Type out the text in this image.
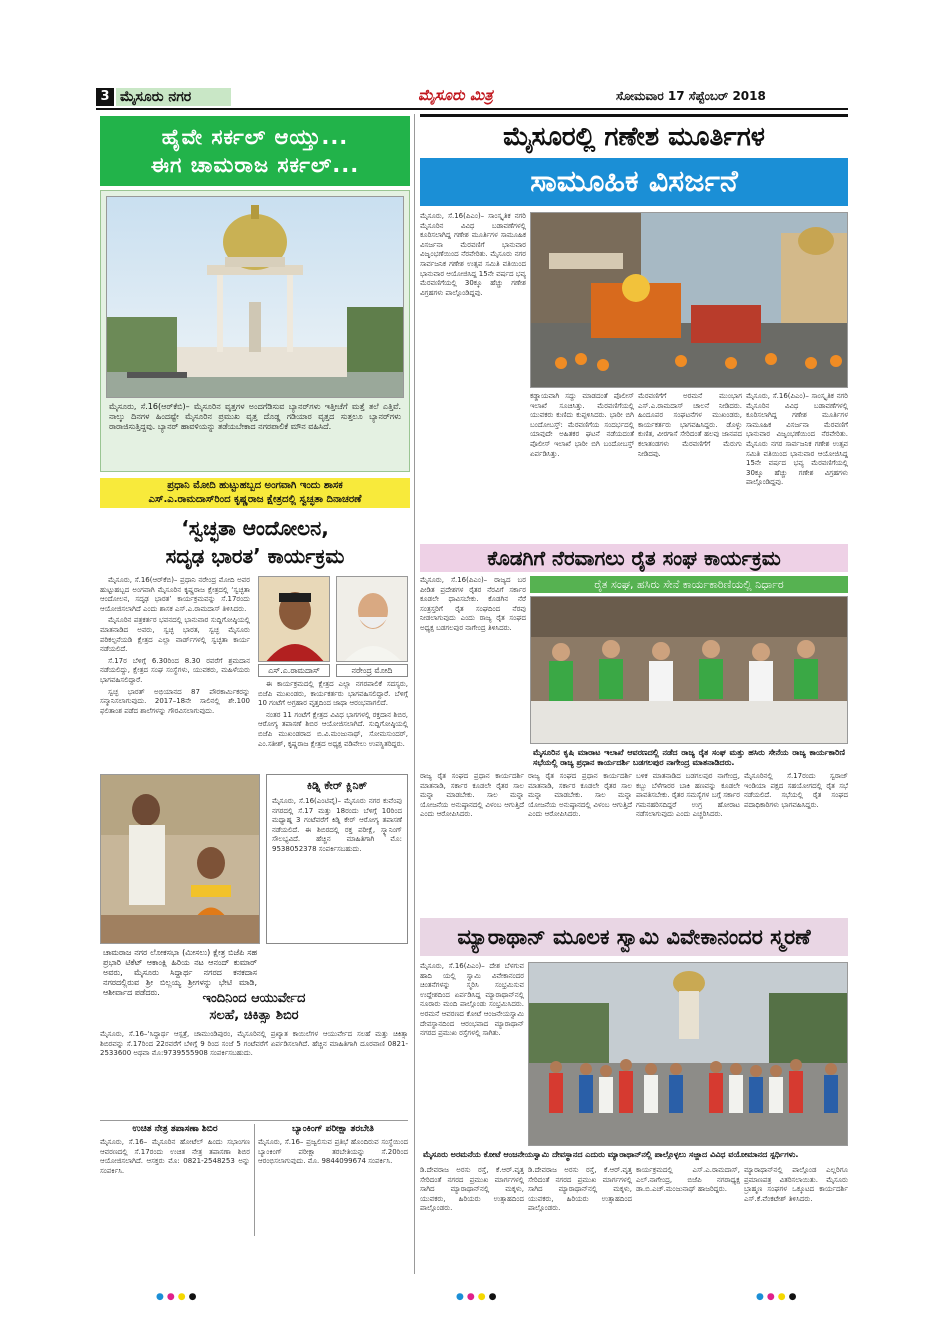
3 ಮೈಸೂರು ನಗರ	ಮೈಸೂರು ಮಿತ್ರ	ಸೋಮವಾರ 17 ಸೆಪ್ಟೆಂಬರ್ 2018
ಹೈವೇ ಸರ್ಕಲ್ ಆಯ್ತು...
ಈಗ ಚಾಮರಾಜ ಸರ್ಕಲ್...
ಮೈಸೂರು, ಸೆ.16(ಆರ್‌ಕೆಬಿ)– ಮೈಸೂರಿನ ವೃತ್ತಗಳ ಅಂದಗೆಡಿಸುವ ಬ್ಯಾನರ್‌ಗಳು ಇತ್ತೀಚೆಗೆ ಮತ್ತೆ ತಲೆ ಎತ್ತಿವೆ. ನಾಲ್ಕು ದಿನಗಳ ಹಿಂದಷ್ಟೇ ಮೈಸೂರಿನ ಪ್ರಮುಖ ವೃತ್ತ ದೊಡ್ಡ ಗಡಿಯಾರ ವೃತ್ತದ ಸುತ್ತಲೂ ಬ್ಯಾನರ್‌ಗಳು ರಾರಾಜಿಸುತ್ತಿದ್ದವು. ಬ್ಯಾನರ್ ಹಾವಳಿಯನ್ನು ತಡೆಯಬೇಕಾದ ನಗರಪಾಲಿಕೆ ಮೌನ ವಹಿಸಿದೆ.
ಪ್ರಧಾನಿ ಮೋದಿ ಹುಟ್ಟುಹಬ್ಬದ ಅಂಗವಾಗಿ ಇಂದು ಶಾಸಕ
ಎಸ್.ಎ.ರಾಮದಾಸ್‌ರಿಂದ ಕೃಷ್ಣರಾಜ ಕ್ಷೇತ್ರದಲ್ಲಿ ಸ್ವಚ್ಛತಾ ದಿನಾಚರಣೆ
‘ಸ್ವಚ್ಛತಾ ಆಂದೋಲನ,
ಸದೃಢ ಭಾರತ’ ಕಾರ್ಯಕ್ರಮ

ಮೈಸೂರು, ಸೆ.16(ಆರ್‌ಕೆಬಿ)– ಪ್ರಧಾನಿ ನರೇಂದ್ರ ಮೋದಿ ಅವರ ಹುಟ್ಟುಹಬ್ಬದ ಅಂಗವಾಗಿ ಮೈಸೂರಿನ ಕೃಷ್ಣರಾಜ ಕ್ಷೇತ್ರದಲ್ಲಿ ‘ಸ್ವಚ್ಛತಾ ಆಂದೋಲನ, ಸದೃಢ ಭಾರತ’ ಕಾರ್ಯಕ್ರಮವನ್ನು ಸೆ.17ರಂದು ಆಯೋಜಿಸಲಾಗಿದೆ ಎಂದು ಶಾಸಕ ಎಸ್.ಎ.ರಾಮದಾಸ್ ತಿಳಿಸಿದರು.

ಮೈಸೂರಿನ ಪತ್ರಕರ್ತರ ಭವನದಲ್ಲಿ ಭಾನುವಾರ ಸುದ್ದಿಗೋಷ್ಠಿಯಲ್ಲಿ ಮಾತನಾಡಿದ ಅವರು, ಸ್ವಚ್ಛ ಭಾರತ, ಸ್ವಚ್ಛ ಮೈಸೂರು ಪರಿಕಲ್ಪನೆಯಡಿ ಕ್ಷೇತ್ರದ ಎಲ್ಲಾ ವಾರ್ಡ್‌ಗಳಲ್ಲಿ ಸ್ವಚ್ಛತಾ ಕಾರ್ಯ ನಡೆಯಲಿದೆ.

ಸೆ.17ರ ಬೆಳಿಗ್ಗೆ 6.30ರಿಂದ 8.30 ರವರೆಗೆ ಶ್ರಮದಾನ ನಡೆಯಲಿದ್ದು, ಕ್ಷೇತ್ರದ ಸಂಘ ಸಂಸ್ಥೆಗಳು, ಯುವಕರು, ಮಹಿಳೆಯರು ಭಾಗವಹಿಸಲಿದ್ದಾರೆ.

ಸ್ವಚ್ಛ ಭಾರತ್ ಅಭಿಯಾನದ 87 ಪೌರಕಾರ್ಮಿಕರನ್ನು ಸನ್ಮಾನಿಸಲಾಗುವುದು. 2017–18ನೇ ಸಾಲಿನಲ್ಲಿ ಶೇ.100 ಫಲಿತಾಂಶ ಪಡೆದ ಶಾಲೆಗಳನ್ನು ಗೌರವಿಸಲಾಗುವುದು.

ಎಸ್.ಎ.ರಾಮದಾಸ್	ನರೇಂದ್ರ ಮೋದಿ

ಈ ಕಾರ್ಯಕ್ರಮದಲ್ಲಿ ಕ್ಷೇತ್ರದ ಎಲ್ಲಾ ನಗರಪಾಲಿಕೆ ಸದಸ್ಯರು, ಬಿಜೆಪಿ ಮುಖಂಡರು, ಕಾರ್ಯಕರ್ತರು ಭಾಗವಹಿಸಲಿದ್ದಾರೆ. ಬೆಳಿಗ್ಗೆ 10 ಗಂಟೆಗೆ ಅಗ್ರಹಾರ ವೃತ್ತದಿಂದ ಜಾಥಾ ಆರಂಭವಾಗಲಿದೆ.

ನಂತರ 11 ಗಂಟೆಗೆ ಕ್ಷೇತ್ರದ ವಿವಿಧ ಭಾಗಗಳಲ್ಲಿ ರಕ್ತದಾನ ಶಿಬಿರ, ಆರೋಗ್ಯ ತಪಾಸಣೆ ಶಿಬಿರ ಆಯೋಜಿಸಲಾಗಿದೆ. ಸುದ್ದಿಗೋಷ್ಠಿಯಲ್ಲಿ ಬಿಜೆಪಿ ಮುಖಂಡರಾದ ಬಿ.ವಿ.ಮಂಜುನಾಥ್, ಸೋಮಸುಂದರ್, ಎಂ.ಸತೀಶ್, ಕೃಷ್ಣರಾಜ ಕ್ಷೇತ್ರದ ಅಧ್ಯಕ್ಷ ವಡಿವೇಲು ಉಪಸ್ಥಿತರಿದ್ದರು.

ಚಾಮರಾಜ ನಗರ ಲೋಕಸಭಾ (ಮೀಸಲು) ಕ್ಷೇತ್ರ ಬಿಜೆಪಿ ಸಹ ಪ್ರಭಾರಿ ಟಿಕೆಟ್ ಆಕಾಂಕ್ಷಿ ಹಿರಿಯ ನಟ ಆನಂದ್ ಕುಮಾರ್ ಅವರು, ಮೈಸೂರು ಸಿದ್ದಾರ್ಥ ನಗರದ ಕನಕದಾಸ ನಗರದಲ್ಲಿರುವ ಶ್ರೀ ಬಿಲ್ಲಯ್ಯ ಶ್ರೀಗಳನ್ನು ಭೇಟಿ ಮಾಡಿ, ಆಶೀರ್ವಾದ ಪಡೆದರು.
ಕಿಡ್ನಿ ಕೇರ್ ಕ್ಲಿನಿಕ್
ಮೈಸೂರು, ಸೆ.16(ಎಂಟಿವೈ)– ಮೈಸೂರು ನಗರ ಕುವೆಂಪು ನಗರದಲ್ಲಿ ಸೆ.17 ಮತ್ತು 18ರಂದು ಬೆಳಿಗ್ಗೆ 10ರಿಂದ ಮಧ್ಯಾಹ್ನ 3 ಗಂಟೆವರೆಗೆ ಕಿಡ್ನಿ ಕೇರ್ ಆರೋಗ್ಯ ತಪಾಸಣೆ ನಡೆಯಲಿದೆ. ಈ ಶಿಬಿರದಲ್ಲಿ ರಕ್ತ ಪರೀಕ್ಷೆ, ಸ್ಕ್ಯಾನಿಂಗ್ ಸೌಲಭ್ಯವಿದೆ. ಹೆಚ್ಚಿನ ಮಾಹಿತಿಗಾಗಿ ಮೊ: 9538052378 ಸಂಪರ್ಕಿಸಬಹುದು.
ಇಂದಿನಿಂದ ಆಯುರ್ವೇದ
ಸಲಹೆ, ಚಿಕಿತ್ಸಾ ಶಿಬಿರ
ಮೈಸೂರು, ಸೆ.16–‘ಸಿದ್ಧಾರ್ಥ ಆಸ್ಪತ್ರೆ, ಚಾಮುಂಡಿಪುರಂ, ಮೈಸೂರಿನಲ್ಲಿ ಪ್ರಖ್ಯಾತ ಕಾಯಿಲೆಗಳ ಆಯುರ್ವೇದ ಸಲಹೆ ಮತ್ತು ಚಿಕಿತ್ಸಾ ಶಿಬಿರವನ್ನು ಸೆ.17ರಿಂದ 22ರವರೆಗೆ ಬೆಳಿಗ್ಗೆ 9 ರಿಂದ ಸಂಜೆ 5 ಗಂಟೆವರೆಗೆ ಏರ್ಪಡಿಸಲಾಗಿದೆ. ಹೆಚ್ಚಿನ ಮಾಹಿತಿಗಾಗಿ ದೂರವಾಣಿ 0821-2533600 ಅಥವಾ ಮೊ:9739555908 ಸಂಪರ್ಕಿಸಬಹುದು.
ಉಚಿತ ನೇತ್ರ ತಪಾಸಣಾ ಶಿಬಿರ
ಮೈಸೂರು, ಸೆ.16– ಮೈಸೂರಿನ ಹೋಟೆಲ್ ಹಿಂದು ಸಭಾಂಗಣ ಆವರಣದಲ್ಲಿ ಸೆ.17ರಂದು ಉಚಿತ ನೇತ್ರ ತಪಾಸಣಾ ಶಿಬಿರ ಆಯೋಜಿಸಲಾಗಿದೆ. ಆಸಕ್ತರು ಮೊ: 0821-2548253 ಅನ್ನು ಸಂಪರ್ಕಿಸಿ.
ಬ್ಯಾಂಕಿಂಗ್ ಪರೀಕ್ಷಾ ತರಬೇತಿ
ಮೈಸೂರು, ಸೆ.16– ಪ್ರಜ್ವಲಿಸುವ ಪ್ರತಿಭೆ ಹೊಂದಿರುವ ಸಂಸ್ಥೆಯಿಂದ ಬ್ಯಾಂಕಿಂಗ್ ಪರೀಕ್ಷಾ ತರಬೇತಿಯನ್ನು ಸೆ.20ರಿಂದ ಆರಂಭಿಸಲಾಗುವುದು. ಮೊ. 9844099674 ಸಂಪರ್ಕಿಸಿ.
ಮೈಸೂರಲ್ಲಿ ಗಣೇಶ ಮೂರ್ತಿಗಳ
ಸಾಮೂಹಿಕ ವಿಸರ್ಜನೆ
ಮೈಸೂರು, ಸೆ.16(ಪಿಎಂ)– ಸಾಂಸ್ಕೃತಿಕ ನಗರಿ ಮೈಸೂರಿನ ವಿವಿಧ ಬಡಾವಣೆಗಳಲ್ಲಿ ಕೂರಿಸಲಾಗಿದ್ದ ಗಣೇಶ ಮೂರ್ತಿಗಳ ಸಾಮೂಹಿಕ ವಿಸರ್ಜನಾ ಮೆರವಣಿಗೆ ಭಾನುವಾರ ವಿಜೃಂಭಣೆಯಿಂದ ನೆರವೇರಿತು. ಮೈಸೂರು ನಗರ ಸಾರ್ವಜನಿಕ ಗಣೇಶ ಉತ್ಸವ ಸಮಿತಿ ವತಿಯಿಂದ ಭಾನುವಾರ ಆಯೋಜಿಸಿದ್ದ 15ನೇ ವರ್ಷದ ಭವ್ಯ ಮೆರವಣಿಗೆಯಲ್ಲಿ 30ಕ್ಕೂ ಹೆಚ್ಚು ಗಣೇಶ ವಿಗ್ರಹಗಳು ಪಾಲ್ಗೊಂಡಿದ್ದವು.
ಕಡ್ಡಾಯವಾಗಿ ಸದ್ದು ಮಾಡದಂತೆ ಪೊಲೀಸ್ ಇಲಾಖೆ ಸೂಚಿಸಿತ್ತು. ಮೆರವಣಿಗೆಯಲ್ಲಿ ಯುವಕರು ಕುಣಿದು ಕುಪ್ಪಳಿಸಿದರು. ಭಾರೀ ಬಿಗಿ ಬಂದೋಬಸ್ತ್: ಮೆರವಣಿಗೆಯ ಸಂದರ್ಭದಲ್ಲಿ ಯಾವುದೇ ಅಹಿತಕರ ಘಟನೆ ನಡೆಯದಂತೆ ಪೊಲೀಸ್ ಇಲಾಖೆ ಭಾರೀ ಬಿಗಿ ಬಂದೋಬಸ್ತ್ ಏರ್ಪಡಿಸಿತ್ತು.
ಮೆರವಣಿಗೆಗೆ ಅರಮನೆ ಮುಂಭಾಗ ಎಸ್.ಎ.ರಾಮದಾಸ್ ಚಾಲನೆ ನೀಡಿದರು. ಹಿಂದೂಪರ ಸಂಘಟನೆಗಳ ಮುಖಂಡರು, ಕಾರ್ಯಕರ್ತರು ಭಾಗವಹಿಸಿದ್ದರು. ಡೊಳ್ಳು ಕುಣಿತ, ವೀರಗಾಸೆ ಸೇರಿದಂತೆ ಹಲವು ಜಾನಪದ ಕಲಾತಂಡಗಳು ಮೆರವಣಿಗೆಗೆ ಮೆರುಗು ನೀಡಿದವು.
ಮೈಸೂರು, ಸೆ.16(ಪಿಎಂ)– ಸಾಂಸ್ಕೃತಿಕ ನಗರಿ ಮೈಸೂರಿನ ವಿವಿಧ ಬಡಾವಣೆಗಳಲ್ಲಿ ಕೂರಿಸಲಾಗಿದ್ದ ಗಣೇಶ ಮೂರ್ತಿಗಳ ಸಾಮೂಹಿಕ ವಿಸರ್ಜನಾ ಮೆರವಣಿಗೆ ಭಾನುವಾರ ವಿಜೃಂಭಣೆಯಿಂದ ನೆರವೇರಿತು. ಮೈಸೂರು ನಗರ ಸಾರ್ವಜನಿಕ ಗಣೇಶ ಉತ್ಸವ ಸಮಿತಿ ವತಿಯಿಂದ ಭಾನುವಾರ ಆಯೋಜಿಸಿದ್ದ 15ನೇ ವರ್ಷದ ಭವ್ಯ ಮೆರವಣಿಗೆಯಲ್ಲಿ 30ಕ್ಕೂ ಹೆಚ್ಚು ಗಣೇಶ ವಿಗ್ರಹಗಳು ಪಾಲ್ಗೊಂಡಿದ್ದವು.
ಕೊಡಗಿಗೆ ನೆರವಾಗಲು ರೈತ ಸಂಘ ಕಾರ್ಯಕ್ರಮ
ರೈತ ಸಂಘ, ಹಸಿರು ಸೇನೆ ಕಾರ್ಯಕಾರಿಣಿಯಲ್ಲಿ ನಿರ್ಧಾರ
ಮೈಸೂರು, ಸೆ.16(ಪಿಎಂ)– ರಾಜ್ಯದ ಬರ ಪೀಡಿತ ಪ್ರದೇಶಗಳ ರೈತರ ನೆರವಿಗೆ ಸರ್ಕಾರ ಕೂಡಲೇ ಧಾವಿಸಬೇಕು. ಕೊಡಗಿನ ನೆರೆ ಸಂತ್ರಸ್ತರಿಗೆ ರೈತ ಸಂಘದಿಂದ ನೆರವು ನೀಡಲಾಗುವುದು ಎಂದು ರಾಜ್ಯ ರೈತ ಸಂಘದ ಅಧ್ಯಕ್ಷ ಬಡಗಲಪುರ ನಾಗೇಂದ್ರ ತಿಳಿಸಿದರು.
ಮೈಸೂರಿನ ಕೃಷಿ ಮಾರಾಟ ಇಲಾಖೆ ಆವರಣದಲ್ಲಿ ನಡೆದ ರಾಜ್ಯ ರೈತ ಸಂಘ ಮತ್ತು ಹಸಿರು ಸೇನೆಯ ರಾಜ್ಯ ಕಾರ್ಯಕಾರಿಣಿ ಸಭೆಯಲ್ಲಿ ರಾಜ್ಯ ಪ್ರಧಾನ ಕಾರ್ಯದರ್ಶಿ ಬಡಗಲಪುರ ನಾಗೇಂದ್ರ ಮಾತನಾಡಿದರು.
ರಾಜ್ಯ ರೈತ ಸಂಘದ ಪ್ರಧಾನ ಕಾರ್ಯದರ್ಶಿ ಮಾತನಾಡಿ, ಸರ್ಕಾರ ಕೂಡಲೇ ರೈತರ ಸಾಲ ಮನ್ನಾ ಮಾಡಬೇಕು. ಸಾಲ ಮನ್ನಾ ಯೋಜನೆಯ ಅನುಷ್ಠಾನದಲ್ಲಿ ವಿಳಂಬ ಆಗುತ್ತಿದೆ ಎಂದು ಆರೋಪಿಸಿದರು.
ರಾಜ್ಯ ರೈತ ಸಂಘದ ಪ್ರಧಾನ ಕಾರ್ಯದರ್ಶಿ ಮಾತನಾಡಿ, ಸರ್ಕಾರ ಕೂಡಲೇ ರೈತರ ಸಾಲ ಮನ್ನಾ ಮಾಡಬೇಕು. ಸಾಲ ಮನ್ನಾ ಯೋಜನೆಯ ಅನುಷ್ಠಾನದಲ್ಲಿ ವಿಳಂಬ ಆಗುತ್ತಿದೆ ಎಂದು ಆರೋಪಿಸಿದರು.
ಬಳಿಕ ಮಾತನಾಡಿದ ಬಡಗಲಪುರ ನಾಗೇಂದ್ರ, ಕಬ್ಬು ಬೆಳೆಗಾರರ ಬಾಕಿ ಹಣವನ್ನು ಕೂಡಲೇ ಪಾವತಿಸಬೇಕು. ರೈತರ ಸಮಸ್ಯೆಗಳ ಬಗ್ಗೆ ಸರ್ಕಾರ ಗಮನಹರಿಸದಿದ್ದರೆ ಉಗ್ರ ಹೋರಾಟ ನಡೆಸಲಾಗುವುದು ಎಂದು ಎಚ್ಚರಿಸಿದರು.
ಮೈಸೂರಿನಲ್ಲಿ ಸೆ.17ರಂದು ಸ್ವರಾಜ್ ಇಂಡಿಯಾ ಪಕ್ಷದ ಸಹಯೋಗದಲ್ಲಿ ರೈತ ಸಭೆ ನಡೆಯಲಿದೆ. ಸಭೆಯಲ್ಲಿ ರೈತ ಸಂಘದ ಪದಾಧಿಕಾರಿಗಳು ಭಾಗವಹಿಸಿದ್ದರು.
ಮ್ಯಾರಾಥಾನ್ ಮೂಲಕ ಸ್ವಾಮಿ ವಿವೇಕಾನಂದರ ಸ್ಮರಣೆ
ಮೈಸೂರು, ಸೆ.16(ಪಿಎಂ)– ದೇಶ ಬೆಳಗುವ ಹಾದಿ ಯಲ್ಲಿ ಸ್ವಾಮಿ ವಿವೇಕಾನಂದರ ಚಿಂತನೆಗಳನ್ನು ಸ್ಮರಿಸಿ ಸಂಭ್ರಮಿಸುವ ಉದ್ದೇಶದಿಂದ ಏರ್ಪಡಿಸಿದ್ದ ಮ್ಯಾರಾಥಾನ್‌ನಲ್ಲಿ ನೂರಾರು ಮಂದಿ ಪಾಲ್ಗೊಂಡು ಸಂಭ್ರಮಿಸಿದರು. ಅರಮನೆ ಆವರಣದ ಕೋಟೆ ಆಂಜನೇಯಸ್ವಾಮಿ ದೇವಸ್ಥಾನದಿಂದ ಆರಂಭವಾದ ಮ್ಯಾರಾಥಾನ್ ನಗರದ ಪ್ರಮುಖ ರಸ್ತೆಗಳಲ್ಲಿ ಸಾಗಿತು.
ಮೈಸೂರು ಅರಮನೆಯ ಕೋಟೆ ಆಂಜನೇಯಸ್ವಾಮಿ ದೇವಸ್ಥಾನದ ಎದುರು ಮ್ಯಾರಾಥಾನ್‌ನಲ್ಲಿ ಪಾಲ್ಗೊಳ್ಳಲು ಸಜ್ಜಾದ ವಿವಿಧ ವಯೋಮಾನದ ಸ್ಪರ್ಧಿಗಳು.
ಡಿ.ದೇವರಾಜ ಅರಸು ರಸ್ತೆ, ಕೆ.ಆರ್.ವೃತ್ತ ಸೇರಿದಂತೆ ನಗರದ ಪ್ರಮುಖ ಮಾರ್ಗಗಳಲ್ಲಿ ಸಾಗಿದ ಮ್ಯಾರಾಥಾನ್‌ನಲ್ಲಿ ಮಕ್ಕಳು, ಯುವಕರು, ಹಿರಿಯರು ಉತ್ಸಾಹದಿಂದ ಪಾಲ್ಗೊಂಡರು.
ಡಿ.ದೇವರಾಜ ಅರಸು ರಸ್ತೆ, ಕೆ.ಆರ್.ವೃತ್ತ ಸೇರಿದಂತೆ ನಗರದ ಪ್ರಮುಖ ಮಾರ್ಗಗಳಲ್ಲಿ ಸಾಗಿದ ಮ್ಯಾರಾಥಾನ್‌ನಲ್ಲಿ ಮಕ್ಕಳು, ಯುವಕರು, ಹಿರಿಯರು ಉತ್ಸಾಹದಿಂದ ಪಾಲ್ಗೊಂಡರು.
ಕಾರ್ಯಕ್ರಮದಲ್ಲಿ ಎಸ್.ಎ.ರಾಮದಾಸ್, ಎಲ್.ನಾಗೇಂದ್ರ, ಬಿಜೆಪಿ ನಗರಾಧ್ಯಕ್ಷ ಡಾ.ಬಿ.ಎಚ್.ಮಂಜುನಾಥ್ ಹಾಜರಿದ್ದರು.
ಮ್ಯಾರಾಥಾನ್‌ನಲ್ಲಿ ಪಾಲ್ಗೊಂಡ ಎಲ್ಲರಿಗೂ ಪ್ರಮಾಣಪತ್ರ ವಿತರಿಸಲಾಯಿತು. ಮೈಸೂರು ಬ್ರಾಹ್ಮಣ ಸಂಘಗಳ ಒಕ್ಕೂಟದ ಕಾರ್ಯದರ್ಶಿ ಎಸ್.ಕೆ.ವೆಂಕಟೇಶ್ ತಿಳಿಸಿದರು.
●●●●	●●●●	●●●●
